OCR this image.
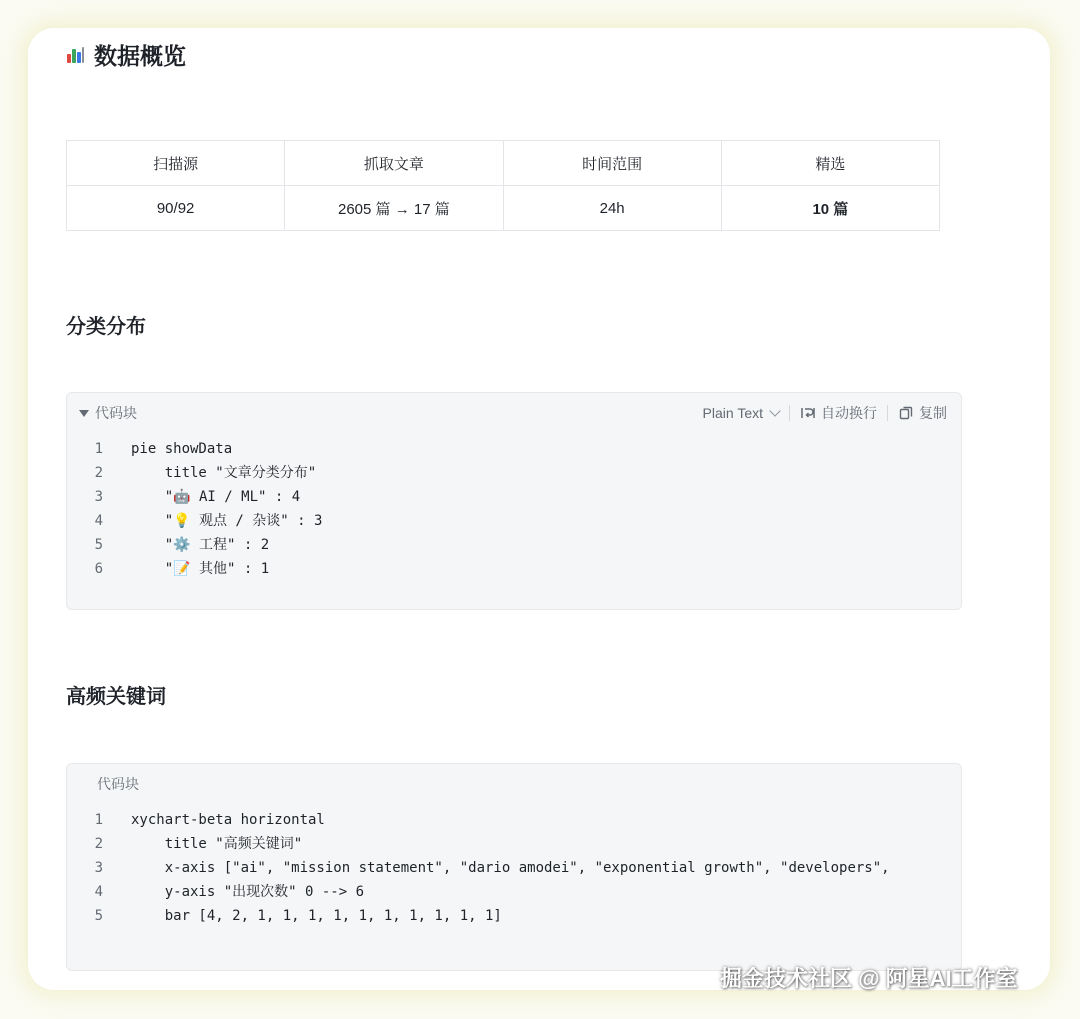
数据概览
扫描源	抓取文章	时间范围	精选
90/92	2605 篇 → 17 篇	24h	10 篇
分类分布
代码块	Plain Text	自动换行	复制
1 pie showData
2 title "文章分类分布"
3 "🤖 AI / ML" : 4
4 "💡 观点 / 杂谈" : 3
5 "⚙️ 工程" : 2
6 "📝 其他" : 1
高频关键词
代码块
1 xychart-beta horizontal
2 title "高频关键词"
3 x-axis ["ai", "mission statement", "dario amodei", "exponential growth", "developers",
4 y-axis "出现次数" 0 --> 6
5 bar [4, 2, 1, 1, 1, 1, 1, 1, 1, 1, 1, 1]
掘金技术社区 @ 阿星AI工作室
